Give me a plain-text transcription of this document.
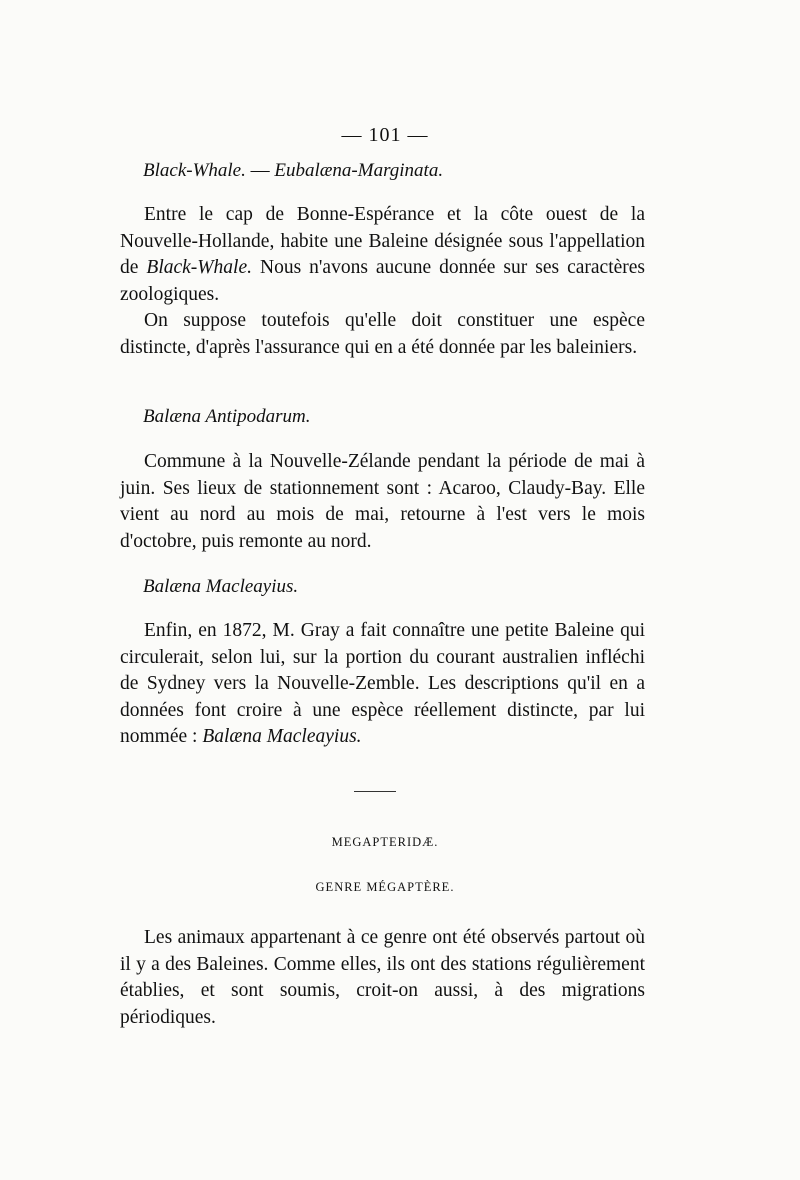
— 101 —
Black-Whale. — Eubalæna-Marginata.

Entre le cap de Bonne-Espérance et la côte ouest de la Nouvelle-Hollande, habite une Baleine désignée sous l'appellation de Black-Whale. Nous n'avons aucune donnée sur ses caractères zoologiques.

On suppose toutefois qu'elle doit constituer une espèce distincte, d'après l'assurance qui en a été donnée par les baleiniers.

Balæna Antipodarum.

Commune à la Nouvelle-Zélande pendant la période de mai à juin. Ses lieux de stationnement sont : Acaroo, Claudy-Bay. Elle vient au nord au mois de mai, retourne à l'est vers le mois d'octobre, puis remonte au nord.

Balæna Macleayius.

Enfin, en 1872, M. Gray a fait connaître une petite Baleine qui circulerait, selon lui, sur la portion du courant australien infléchi de Sydney vers la Nouvelle-Zemble. Les descriptions qu'il en a données font croire à une espèce réellement distincte, par lui nommée : Balæna Macleayius.

MEGAPTERIDÆ.
GENRE MÉGAPTÈRE.

Les animaux appartenant à ce genre ont été observés partout où il y a des Baleines. Comme elles, ils ont des stations régulièrement établies, et sont soumis, croit-on aussi, à des migrations périodiques.
